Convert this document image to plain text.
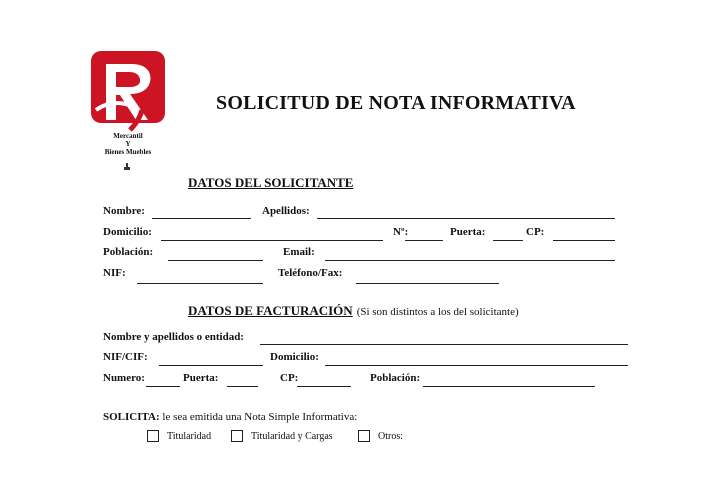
Mercantil
Y
Bienes Muebles
SOLICITUD DE NOTA INFORMATIVA
DATOS DEL SOLICITANTE
Nombre:	Apellidos:
Domicilio:	Nº:	Puerta:	CP:
Población:	Email:
NIF:	Teléfono/Fax:
DATOS DE FACTURACIÓN (Si son distintos a los del solicitante)
Nombre y apellidos o entidad:
NIF/CIF:	Domicilio:
Numero:	Puerta:	CP:	Población:
SOLICITA: le sea emitida una Nota Simple Informativa:
Titularidad	Titularidad y Cargas	Otros:
